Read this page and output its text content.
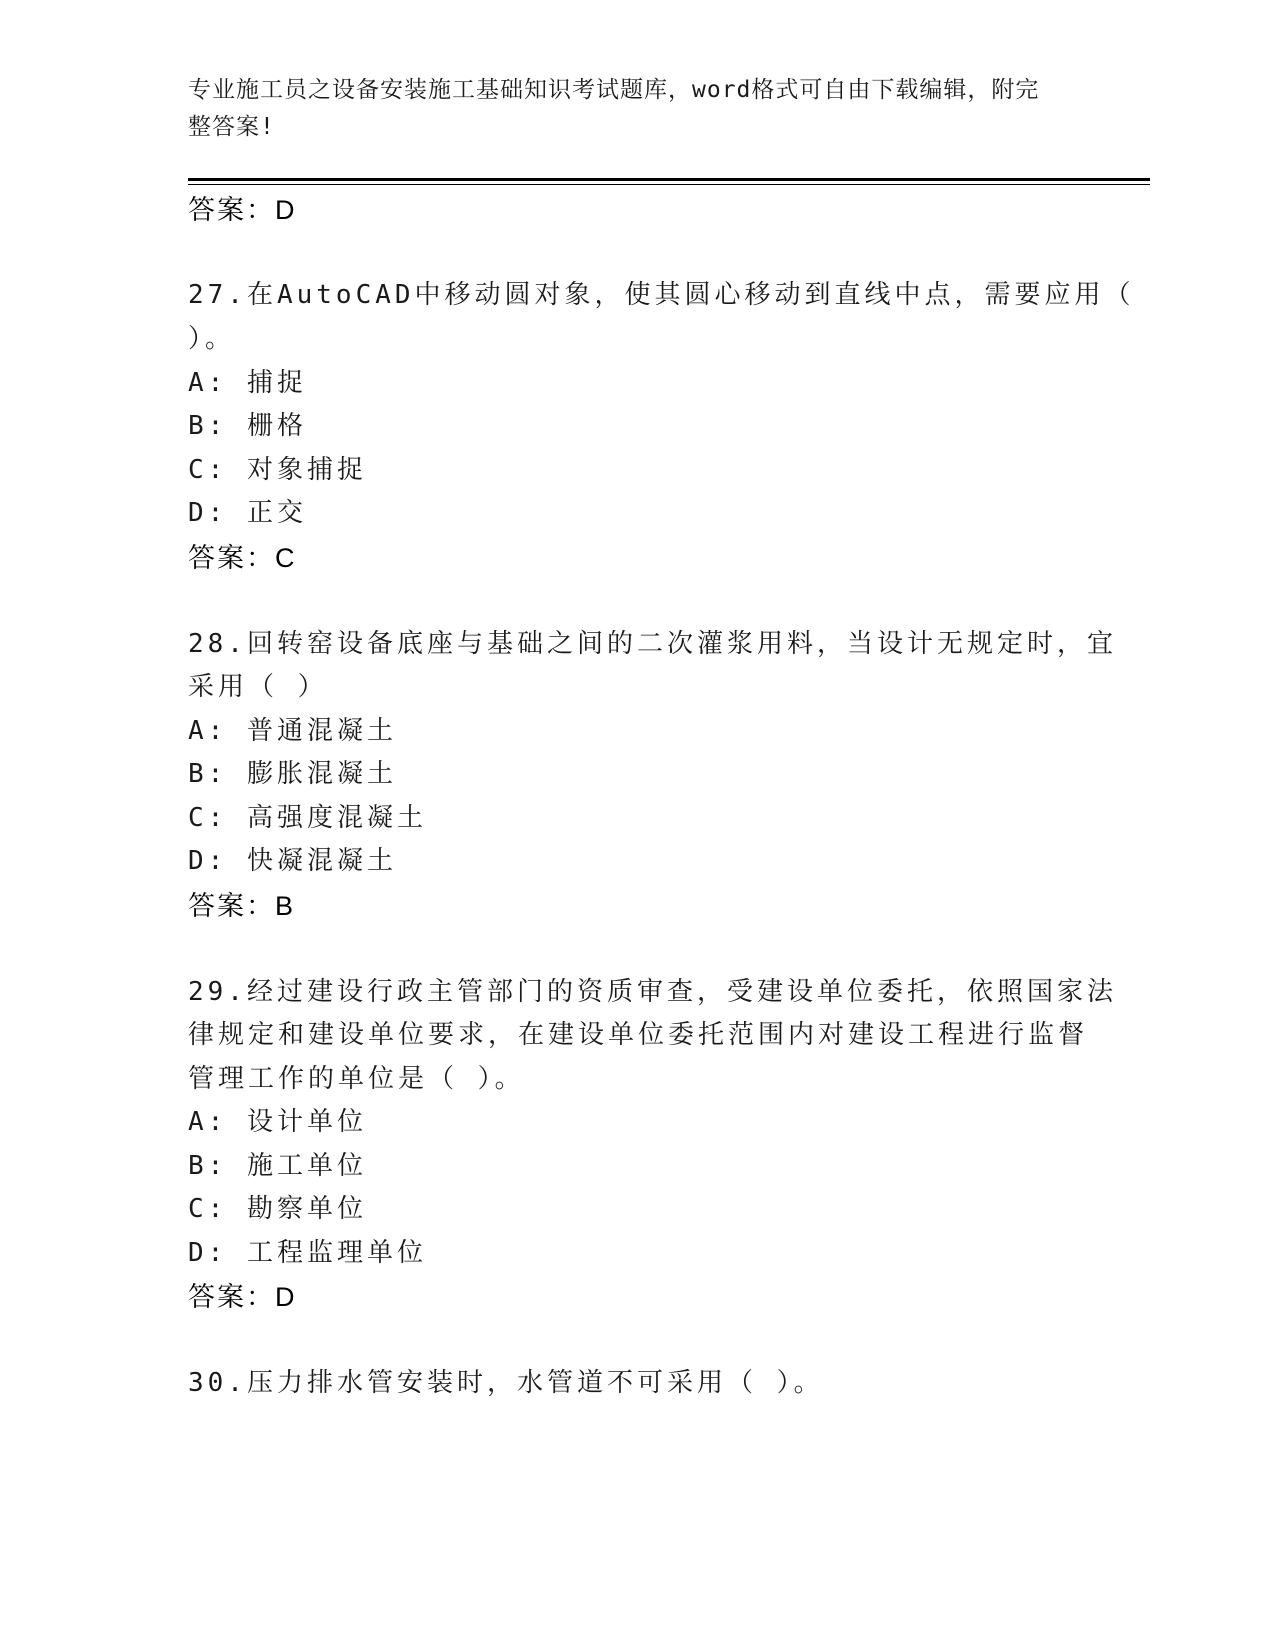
专业施工员之设备安装施工基础知识考试题库，word格式可自由下载编辑，附完
整答案!
答案：D
27.在AutoCAD中移动圆对象，使其圆心移动到直线中点，需要应用（
）。
A: 捕捉
B: 栅格
C: 对象捕捉
D: 正交
答案：C
28.回转窑设备底座与基础之间的二次灌浆用料，当设计无规定时，宜
采用（ ）
A: 普通混凝土
B: 膨胀混凝土
C: 高强度混凝土
D: 快凝混凝土
答案：B
29.经过建设行政主管部门的资质审查，受建设单位委托，依照国家法
律规定和建设单位要求，在建设单位委托范围内对建设工程进行监督
管理工作的单位是（ ）。
A: 设计单位
B: 施工单位
C: 勘察单位
D: 工程监理单位
答案：D
30.压力排水管安装时，水管道不可采用（ ）。
